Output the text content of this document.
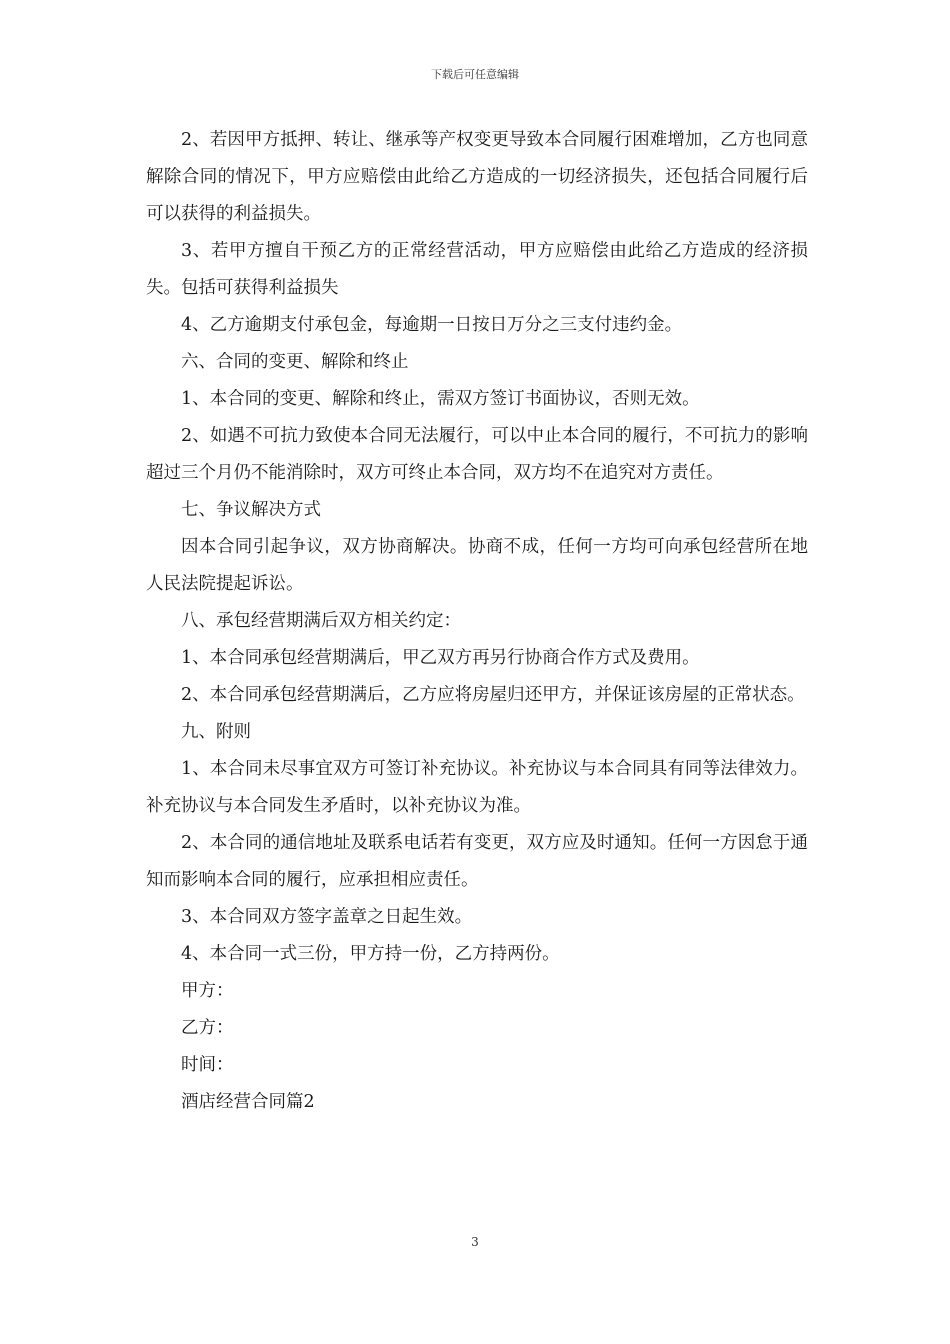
下载后可任意编辑

2、若因甲方抵押、转让、继承等产权变更导致本合同履行困难增加，乙方也同意解除合同的情况下，甲方应赔偿由此给乙方造成的一切经济损失，还包括合同履行后可以获得的利益损失。

3、若甲方擅自干预乙方的正常经营活动，甲方应赔偿由此给乙方造成的经济损失。包括可获得利益损失

4、乙方逾期支付承包金，每逾期一日按日万分之三支付违约金。

六、合同的变更、解除和终止

1、本合同的变更、解除和终止，需双方签订书面协议，否则无效。

2、如遇不可抗力致使本合同无法履行，可以中止本合同的履行，不可抗力的影响超过三个月仍不能消除时，双方可终止本合同，双方均不在追究对方责任。

七、争议解决方式

因本合同引起争议，双方协商解决。协商不成，任何一方均可向承包经营所在地人民法院提起诉讼。

八、承包经营期满后双方相关约定：

1、本合同承包经营期满后，甲乙双方再另行协商合作方式及费用。

2、本合同承包经营期满后，乙方应将房屋归还甲方，并保证该房屋的正常状态。

九、附则

1、本合同未尽事宜双方可签订补充协议。补充协议与本合同具有同等法律效力。补充协议与本合同发生矛盾时，以补充协议为准。

2、本合同的通信地址及联系电话若有变更，双方应及时通知。任何一方因怠于通知而影响本合同的履行，应承担相应责任。

3、本合同双方签字盖章之日起生效。

4、本合同一式三份，甲方持一份，乙方持两份。

甲方：

乙方：

时间：

酒店经营合同篇2

3
